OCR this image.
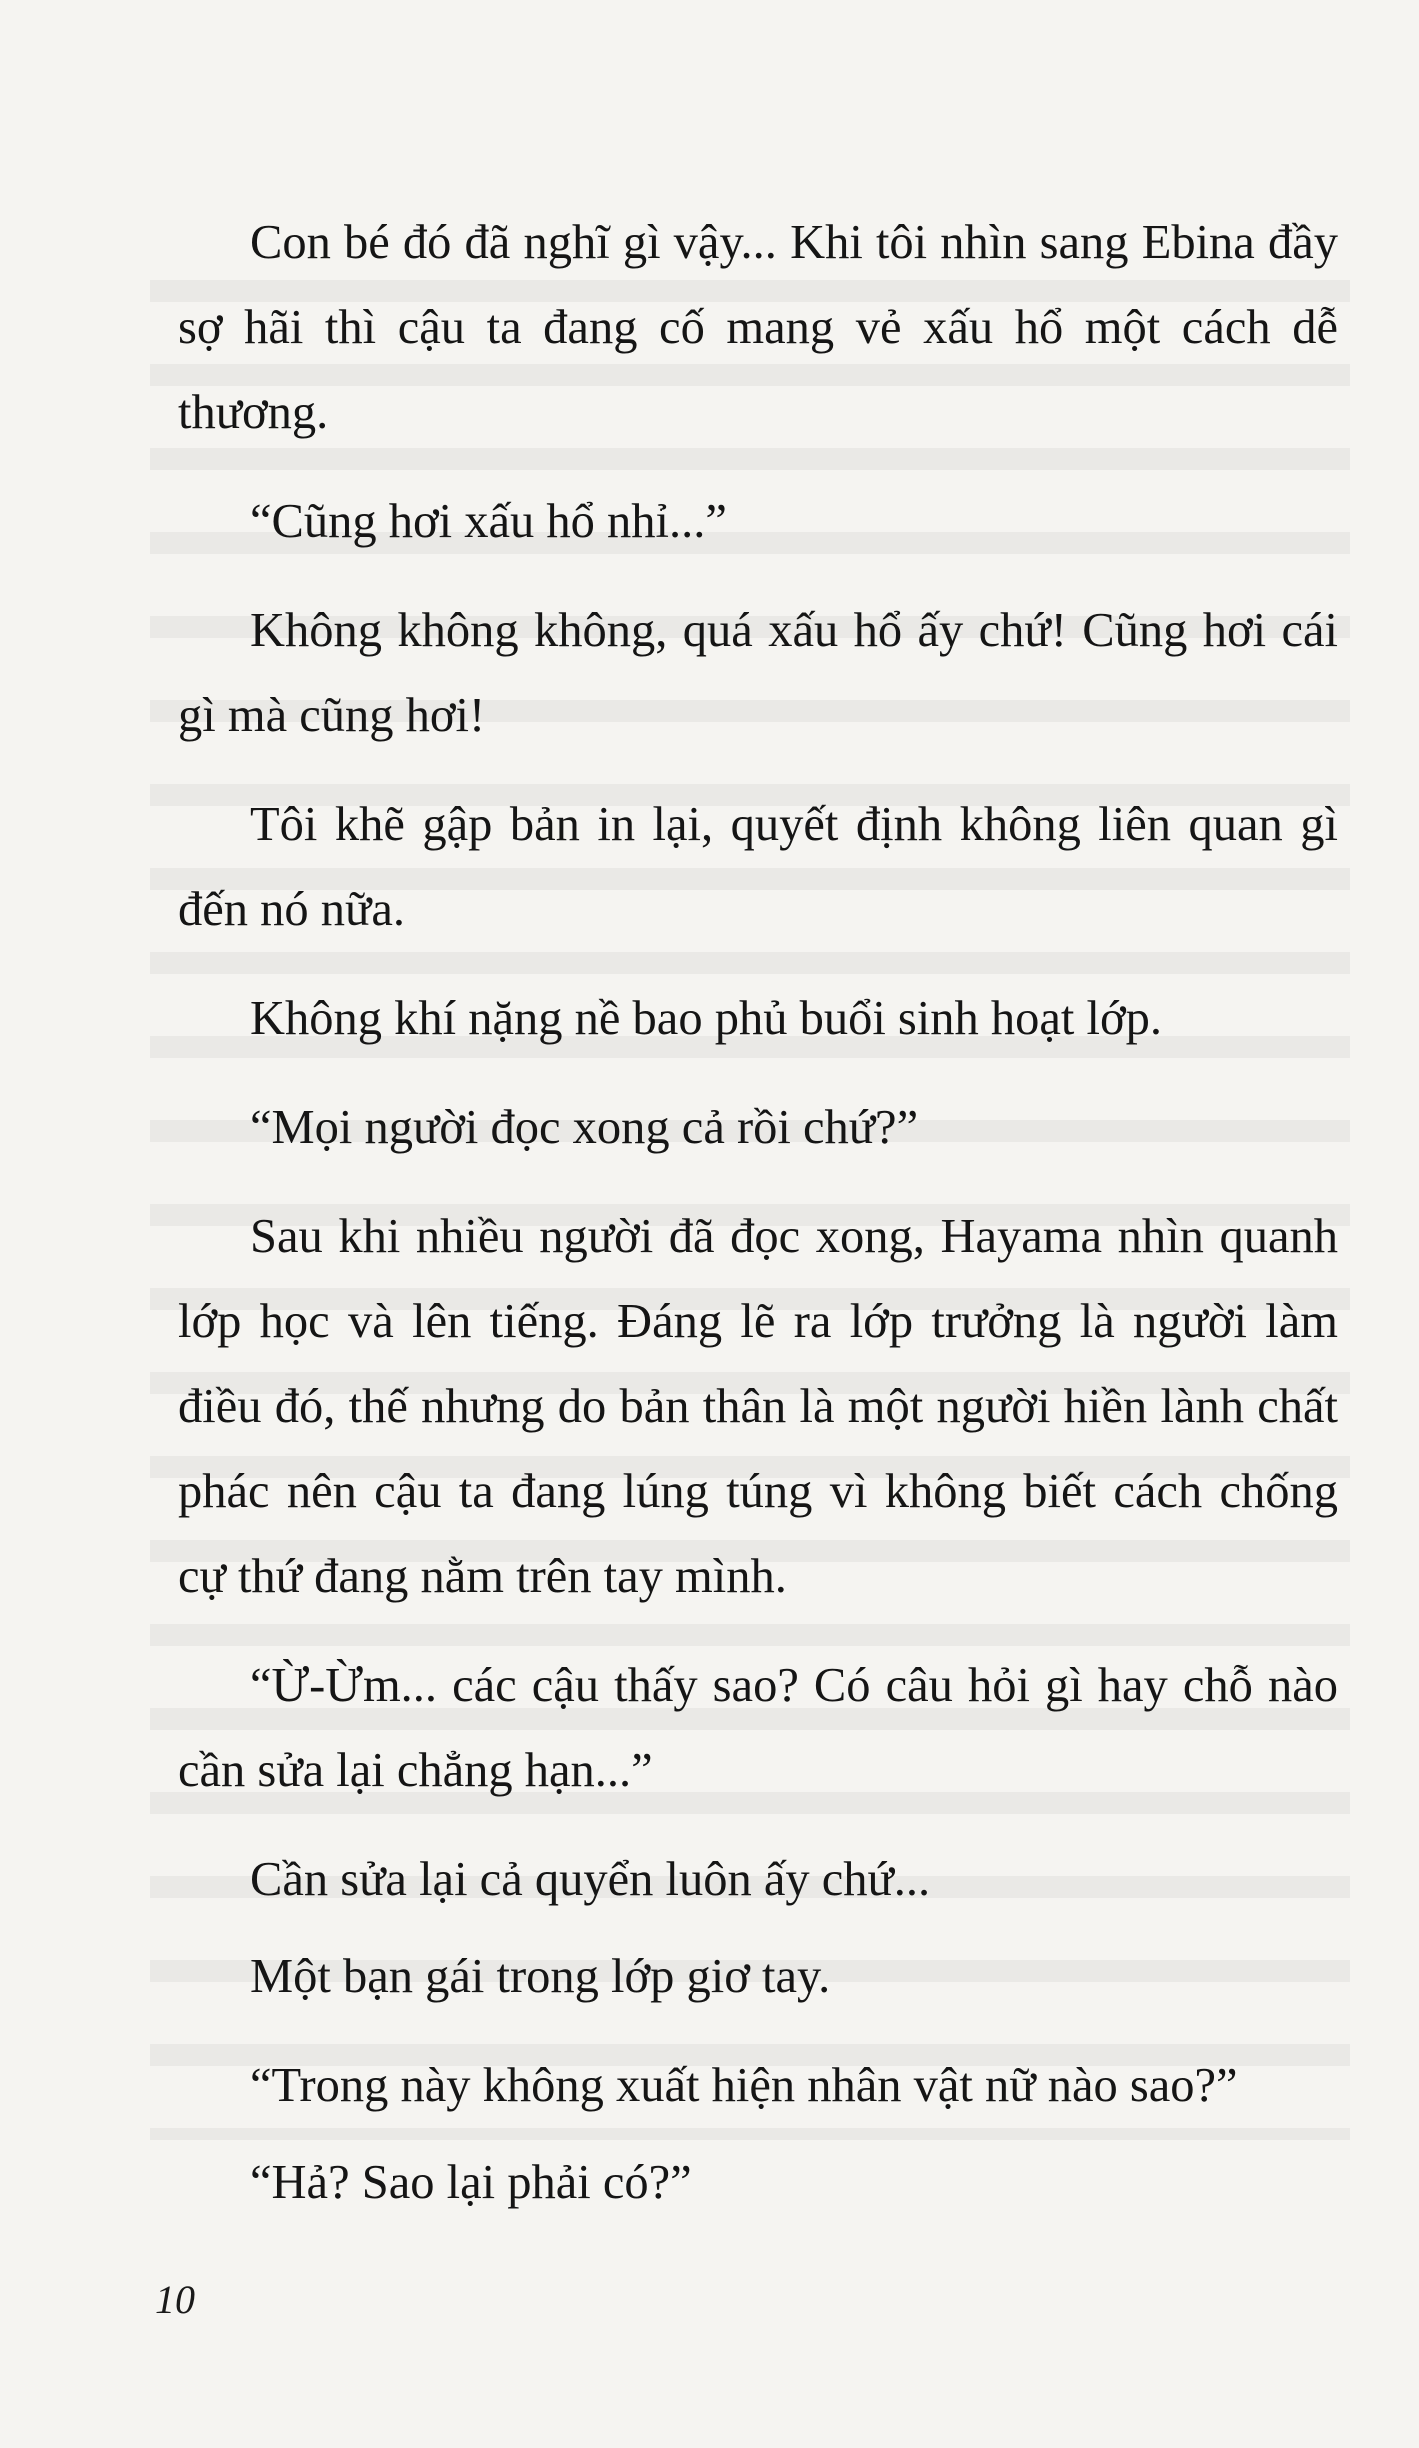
Con bé đó đã nghĩ gì vậy... Khi tôi nhìn sang Ebina đầy sợ hãi thì cậu ta đang cố mang vẻ xấu hổ một cách dễ thương.

“Cũng hơi xấu hổ nhỉ...”

Không không không, quá xấu hổ ấy chứ! Cũng hơi cái gì mà cũng hơi!

Tôi khẽ gập bản in lại, quyết định không liên quan gì đến nó nữa.

Không khí nặng nề bao phủ buổi sinh hoạt lớp.

“Mọi người đọc xong cả rồi chứ?”

Sau khi nhiều người đã đọc xong, Hayama nhìn quanh lớp học và lên tiếng. Đáng lẽ ra lớp trưởng là người làm điều đó, thế nhưng do bản thân là một người hiền lành chất phác nên cậu ta đang lúng túng vì không biết cách chống cự thứ đang nằm trên tay mình.

“Ừ-Ừm... các cậu thấy sao? Có câu hỏi gì hay chỗ nào cần sửa lại chẳng hạn...”

Cần sửa lại cả quyển luôn ấy chứ...

Một bạn gái trong lớp giơ tay.

“Trong này không xuất hiện nhân vật nữ nào sao?”

“Hả? Sao lại phải có?”

10
